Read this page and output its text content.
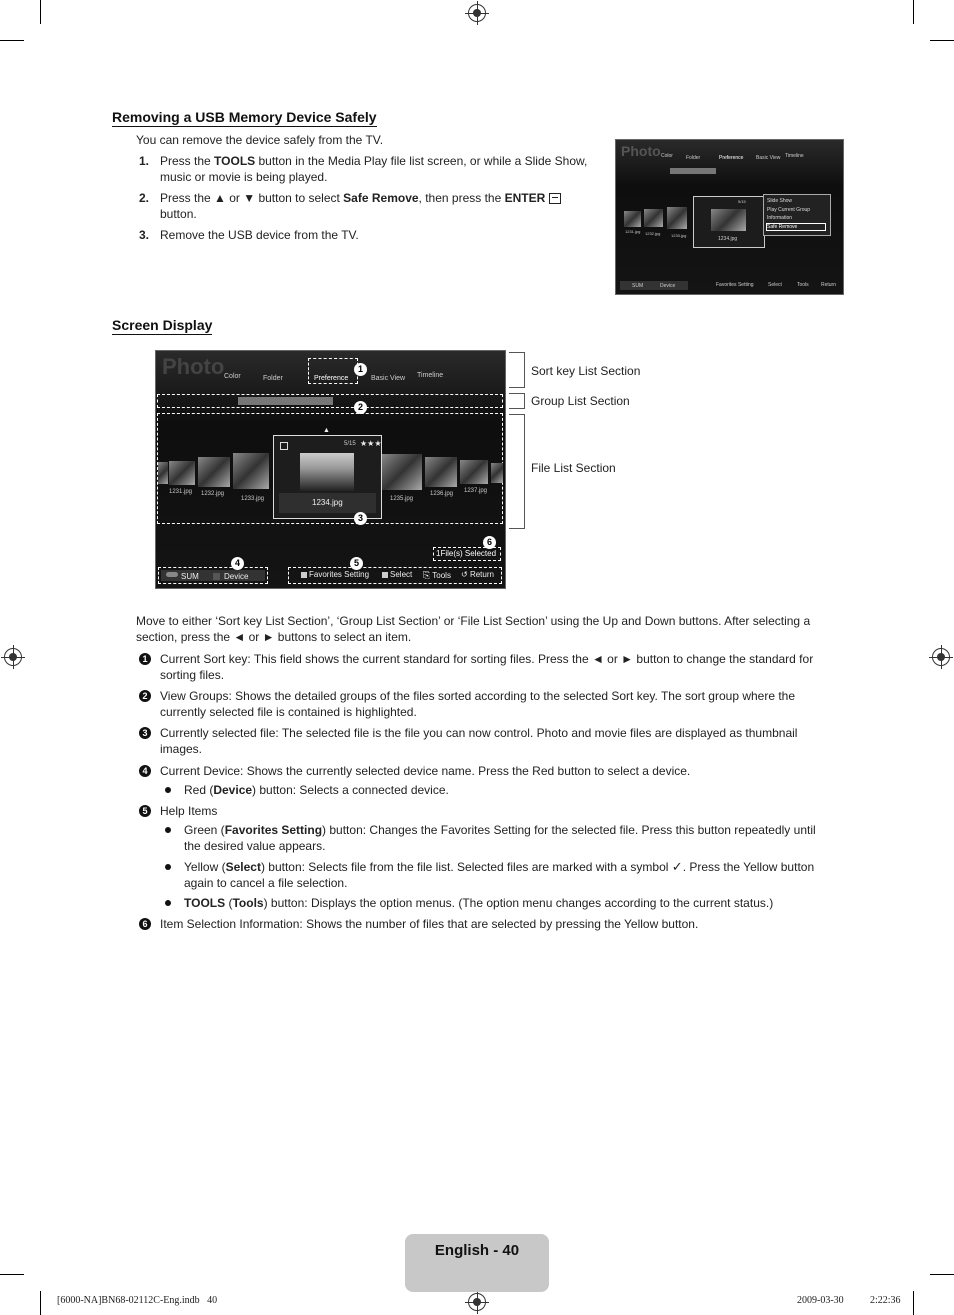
Removing a USB Memory Device Safely
You can remove the device safely from the TV.
1. Press the TOOLS button in the Media Play file list screen, or while a Slide Show,
music or movie is being played.
2. Press the ▲ or ▼ button to select Safe Remove, then press the ENTER

button.
3. Remove the USB device from the TV.
Photo Color	Folder	Preference	Basic View Timeline
1231.jpg 1232.jpg	1233.jpg
5/15
1234.jpg
Slide Show
Play Current Group
Information
Safe Remove
SUM	Device	Favorites Setting	Select	Tools Return
Screen Display
Photo Color	Folder	Preference	Basic View Timeline
1
2
1231.jpg 1232.jpg
1233.jpg	1235.jpg
1236.jpg 1237.jpg
5/15 ★★★
1234.jpg
▲
3
6
1File(s) Selected
4
SUM	Device
5
Favorites Setting	Select ⎘ Tools ↺ Return
Sort key List Section
Group List Section
File List Section
Move to either ‘Sort key List Section’, ‘Group List Section’ or ‘File List Section’ using the Up and Down buttons. After selecting a
section, press the ◄ or ► buttons to select an item.
1 Current Sort key: This field shows the current standard for sorting files. Press the ◄ or ► button to change the standard for
sorting files.
2 View Groups: Shows the detailed groups of the files sorted according to the selected Sort key. The sort group where the
currently selected file is contained is highlighted.
3 Currently selected file: The selected file is the file you can now control. Photo and movie files are displayed as thumbnail
images.
4 Current Device: Shows the currently selected device name. Press the Red button to select a device.
Red (Device) button: Selects a connected device.
5 Help Items
Green (Favorites Setting) button: Changes the Favorites Setting for the selected file. Press this button repeatedly until
the desired value appears.
Yellow (Select) button: Selects file from the file list. Selected files are marked with a symbol ✓. Press the Yellow button
again to cancel a file selection.
TOOLS (Tools) button: Displays the option menus. (The option menu changes according to the current status.)
6 Item Selection Information: Shows the number of files that are selected by pressing the Yellow button.
English - 40
[6000-NA]BN68-02112C-Eng.indb   40	2009-03-30	2:22:36
